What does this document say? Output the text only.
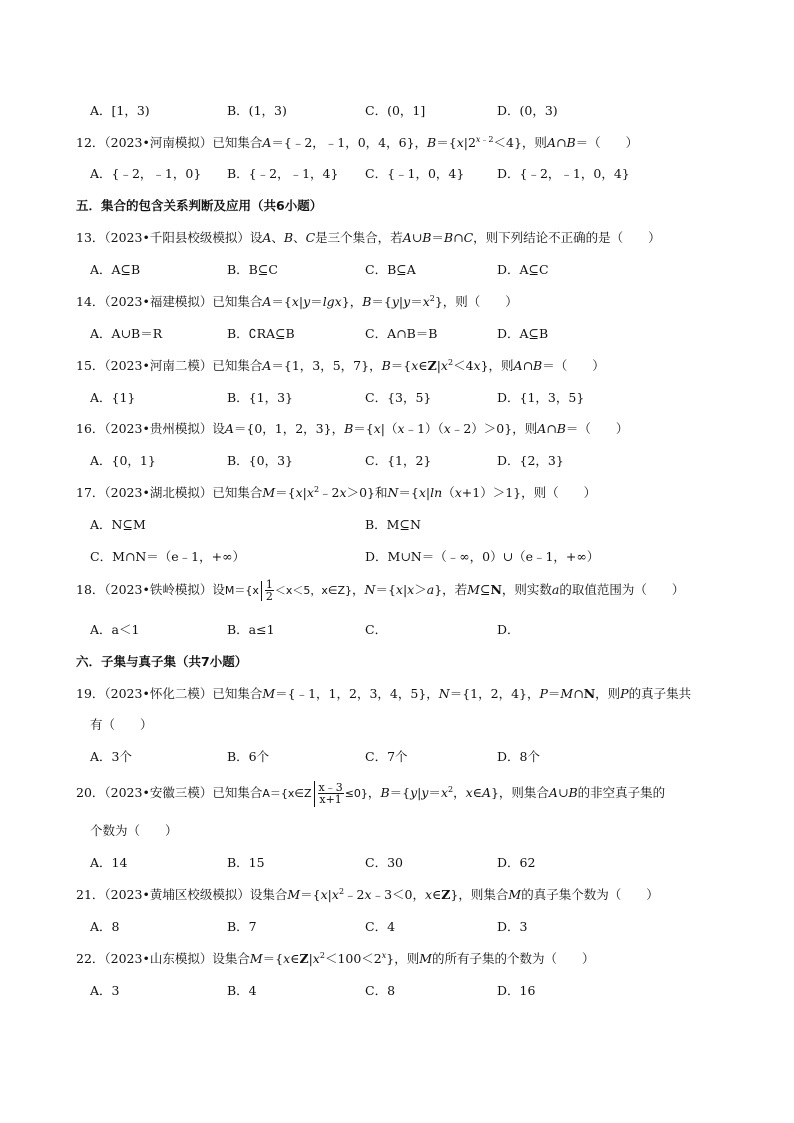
A．[1，3)	B．(1，3)	C．(0，1]	D．(0，3)
12．（2023•河南模拟）已知集合A＝{﹣2，﹣1，0，4，6}，$B=\{x|2^{x﹣2}<4\}$，则A∩B＝（　　）
A．{﹣2，﹣1，0} B．{﹣2，﹣1，4} C．{﹣1，0，4}	D．{﹣2，﹣1，0，4}
五．集合的包含关系判断及应用（共6小题）
13．（2023•千阳县校级模拟）设A、B、C是三个集合，若A∪B＝B∩C，则下列结论不正确的是（　　）
A．A⊆B	B．B⊆C	C．B⊆A	D．A⊆C
14．（2023•福建模拟）已知集合A＝{x|y＝lgx}，$B=\{y|y=x^2\}$，则（　　）
A．A∪B＝R	B．∁RA⊆B	C．A∩B＝B	D．A⊆B
15．（2023•河南二模）已知集合A＝{1，3，5，7}，$B=\{x\in Z|x^2<4x\}$，则A∩B＝（　　）
A．{1}	B．{1，3}	C．{3，5}	D．{1，3，5}
16．（2023•贵州模拟）设A＝{0，1，2，3}，B＝{x|（x﹣1）（x﹣2）＞0}，则A∩B＝（　　）
A．{0，1}	B．{0，3}	C．{1，2}	D．{2，3}
17．（2023•湖北模拟）已知集合$M=\{x|x^2﹣2x>0\}$和N＝{x|ln（x+1）＞1}，则（　　）
A．N⊆M	B．M⊆N
C．M∩N＝（e﹣1，+∞）	D．M∪N＝（﹣∞，0）∪（e﹣1，+∞）
18．（2023•铁岭模拟）设$M=\{x \frac{1}{2} <x<5$，x∈Z}，N＝{x|x＞a}，若M⊆N，则实数a的取值范围为（　　）
A．a＜1	B．a≤1	C．	D．
六．子集与真子集（共7小题）
19．（2023•怀化二模）已知集合M＝{﹣1，1，2，3，4，5}，N＝{1，2，4}，P＝M∩N，则P的真子集共
有（　　）
A．3个	B．6个	C．7个	D．8个
20．（2023•安徽三模）已知集合A＝{x∈Z $\frac{x﹣3}{x+1} \le 0$}，$B=\{y|y=x^2$，x∈A}，则集合A∪B的非空真子集的
个数为（　　）
A．14	B．15	C．30	D．62
21．（2023•黄埔区校级模拟）设集合$M=\{x|x^2﹣2x﹣3<0$，x∈Z}，则集合M的真子集个数为（　　）
A．8	B．7	C．4	D．3
22．（2023•山东模拟）设集合$M=\{x\in Z|x^2<100<2^x\}$，则M的所有子集的个数为（　　）
A．3	B．4	C．8	D．16
